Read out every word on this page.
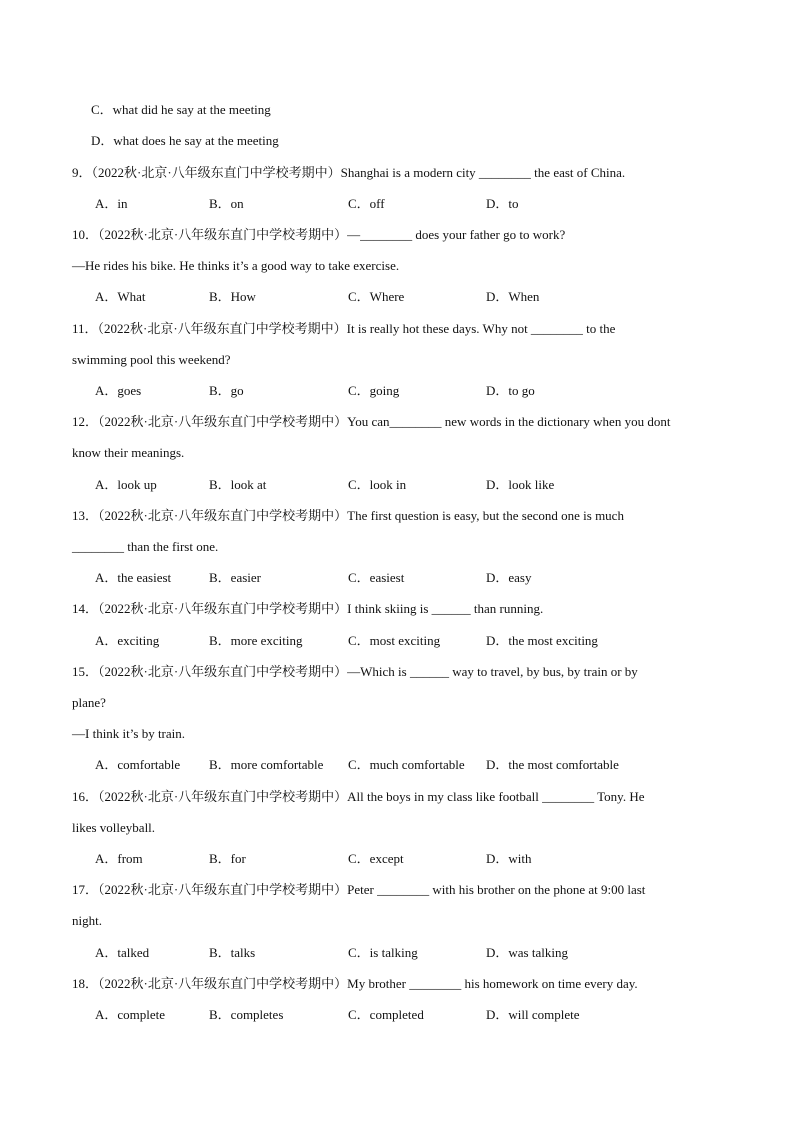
C．what did he say at the meeting
D．what does he say at the meeting
9．（2022秋·北京·八年级东直门中学校考期中）Shanghai is a modern city ________ the east of China.
A．in	B．on	C．off	D．to
10．（2022秋·北京·八年级东直门中学校考期中）—________ does your father go to work?
—He rides his bike. He thinks it’s a good way to take exercise.
A．What	B．How	C．Where	D．When
11．（2022秋·北京·八年级东直门中学校考期中）It is really hot these days. Why not ________ to the
swimming pool this weekend?
A．goes	B．go	C．going	D．to go
12．（2022秋·北京·八年级东直门中学校考期中）You can________ new words in the dictionary when you dont
know their meanings.
A．look up	B．look at	C．look in	D．look like
13．（2022秋·北京·八年级东直门中学校考期中）The first question is easy, but the second one is much
________ than the first one.
A．the easiest	B．easier	C．easiest	D．easy
14．（2022秋·北京·八年级东直门中学校考期中）I think skiing is ______ than running.
A．exciting	B．more exciting	C．most exciting	D．the most exciting
15．（2022秋·北京·八年级东直门中学校考期中）—Which is ______ way to travel, by bus, by train or by
plane?
—I think it’s by train.
A．comfortable B．more comfortable C．much comfortable D．the most comfortable
16．（2022秋·北京·八年级东直门中学校考期中）All the boys in my class like football ________ Tony. He
likes volleyball.
A．from	B．for	C．except	D．with
17．（2022秋·北京·八年级东直门中学校考期中）Peter ________ with his brother on the phone at 9:00 last
night.
A．talked	B．talks	C．is talking	D．was talking
18．（2022秋·北京·八年级东直门中学校考期中）My brother ________ his homework on time every day.
A．complete	B．completes	C．completed	D．will complete
